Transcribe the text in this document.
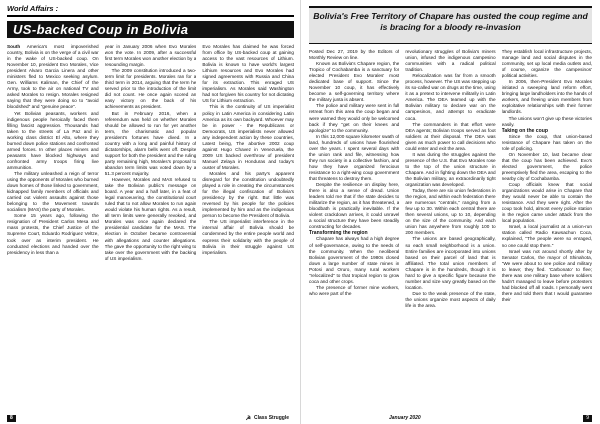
World Affairs :
US-backed Coup in Bolivia

South America's most impoverished country, Bolivia is on the verge of a civil war in the wake of US-backed coup. On November 10, president Evo Morales, Vice president Alvaro Garcia Linera and other ministers fled to Mexico seeking asylum. Gen. Williams Kaliman, the Chief of the Army, took to the air on national TV and asked Morales to resign. Morales resigned saying that they were doing so to "avoid bloodshed" and "genuine peace".

Yet Bolivian peasants, workers and indigenous people heroically faced them filling fascist aggression. Thousands had taken to the streets of La Paz and in working class district El Alto, where they burned down police stations and confronted armed forces. In other places miners and peasants have blocked highways and confronted army troops firing live ammunition.

The military unleashed a reign of terror using the opponents of Morales who burned down homes of those linked to government, kidnapped family members of officials and carried out violent assaults against those belonging to the Movement towards socialism (MAS) the party of Morales.

Some 15 years ago, following the resignation of President Carlos Mesa and mass protests, the Chief Justice of the Supreme Court, Eduardo Rodriguez Veltze, took over as interim president. He conducted elections and handed over the presidency in less than a

year in January 2006 when Evo Morales won the vote. In 2009, after a successful first term Morales won another election by a resounding margin.

The 2009 constitution introduced a two-term limit for presidents. Morales ran for a third term in 2014, arguing that the term he served prior to the introduction of the limit did not count. He once again scored an easy victory on the back of his achievements as president.

But in February 2016, when a referendum was held on whether Morales should be allowed to run for yet another term, the charismatic and popular president's fortunes have dived. In a country with a long and painful history of dictatorships, alarm bells went off. Despite support for both the president and the ruling party remaining high, Morales's proposal to abandon term limits was voted down by a 51.3 percent majority.

However, Morales and MAS refused to take the Bolivian public's message on board. A year and a half later, in a feat of legal manoeuvring, the constitutional court ruled that to not allow Morales to run again would violate his human rights. As a result, all term limits were generally revoked, and Morales was once again declared the presidential candidate for the MAS. The election in October became controversial with allegations and counter allegations. The gave the opportunity to the right wing to take over the government with the backing of US imperialism.

Evo Morales has claimed he was forced from office by US-backed coup at gaining access to the vast resources of Lithium. Bolivia is known to have world's largest Lithium resources and Evo Morales had signed agreements with Russia and China for its extraction. This enraged US imperialism. As Morales said Washington had not forgiven his country for not dictating US for Lithium extraction.

This is the continuity of US imperialist policy in Latin America in considering Latin America as its own backyard. Whoever may be in power - the Republicans or Democrats, US imperialists never allowed any independent action by these countries, Latest being, The abortive 2002 coup against Hugo Chavez in Venezuela, the 2009 US backed overthrow of president Manuel Zelaya in Honduras and today's ouster of Morales.

Morales and his party's apparent disregard for the constitution undoubtedly played a role in creating the circumstances for the illegal confiscation of Bolivia's presidency by the right. But little was reversed by his people for the policies implemented by him and as the indigenous person to become the President of Bolivia.

The US imperialist interference in the internal affair of Bolivia should be condemned by the entire people world and express their solidarity with the people of Bolivia in their struggle against US imperialism.

8	☭ Class Struggle
Bolivia's Free Territory of Chapare has ousted the coup regime and is bracing for a bloody re-invasion

Posted Dec 27, 2019 by the Editors of Monthly Review on line.

Known as Bolivia's Chapare region, the Tropico of Cochabamba is a sanctuary for elected President Evo Morales' most dedicated base of support. Since the November 10 coup, it has effectively become a self-governing territory where the military junta is absent.

The police and military were sent in full retreat from this area the coup began and were warned they would only be welcomed back if they "get on their knees and apologize" to the community.

In this 12,000 square kilometer swath of land, hundreds of unions have flourished over the years. I spent several days with the union rank and file, witnessing how they run society in a collective fashion, and how they have organized ferocious resistance to a right-wing coup government that threatens to destroy them.

Despite the resilience on display here, there is also a sense of dread. Union leaders told me that if the state decides to militarize the region, as it has threatened, a bloodbath is practically inevitable. If the violent crackdown arrives, it could unravel a social structure they have been steadily constructing for decades.

Transforming the region

Chapare has always had a high degree of self-governance, owing to the needs of the community. When the neoliberal Bolivian government of the 1980s closed down a large number of state mines in Potosi and Oruro, many rural workers "relocalized" to that tropical region to grow coca and other crops.

The presence of former mine workers, who were part of the

revolutionary struggles of Bolivia's miners union, infused the indigenous campesino communities with a radical political tradition.

Relocalization was far from a smooth process, however. The US was stepping up its so-called war on drugs at the time, using it as a pretext to intervene militarily in Latin America. The DEA teamed up with the Bolivian military to declare war on the campesinos, and attempt to eradicate coca.

The commanders in that effort were DEA agents; Bolivian troops served as foot soldiers at their disposal. The DEA was given as much power to call decisions who could enter and exit the area.

It was during the struggles against the presence of the U.S. that Evo Morales rose to the top of the union structure in Chapare. And in fighting down the DEA and the Bolivian military, an extraordinarily tight organization was developed.

Today, there are six union federations in the region, and within each federation there are numerous "centrals," ranging from a few up to 30. Within each central there are then several unions, up to 10, depending on the size of the community. And each union has anywhere from roughly 100 to 200 members.

The unions are based geographically, so each small neighborhood is a union. Entire families are incorporated into unions based on their parcel of land that is affiliated. The total union members of Chapare is in the hundreds, though it is hard to give a specific figure because the number and size vary greatly based on the location.

Due to the weak presence of the state, the unions organize most aspects of daily life in the area.

They establish local infrastructure projects, manage land and social disputes in the community, set up local media outlets and, of course, organize the campesinos' political activities.

In 2006, then-President Evo Morales initiated a sweeping land reform effort, bringing large landholders into the hands of workers, and freeing union members from exploitative relationships with their former landlords.

The unions won't give up these victories easily.

Taking on the coup

Since the coup, that union-based resistance of Chapare has taken on the role of policing.

On November 10, last became clear that the coup has been achieved. Evo's elected government, the police preemptively fled the area, escaping to the nearby city of Cochabamba.

Coup officials knew that social organizations would arise in Chapare that they would never be able to contain the resistance. And they were right. After the coup took hold, almost every police station in the region came under attack from the local population.

Israel, a local journalist at a union-run station called Radio Kawsachun Coca, explained, "The people were so enraged, no one could stop them."

Israel was not around shortly after by Senator Carlos, the mayor of Shinahota, "We were about to see police and military to leave; they fled. 'Carbonato' to flee; there was one military base where soldiers hadn't managed to leave before protesters had blocked off all roads. I personally went there and told them that I would guarantee their

January 2020	9
